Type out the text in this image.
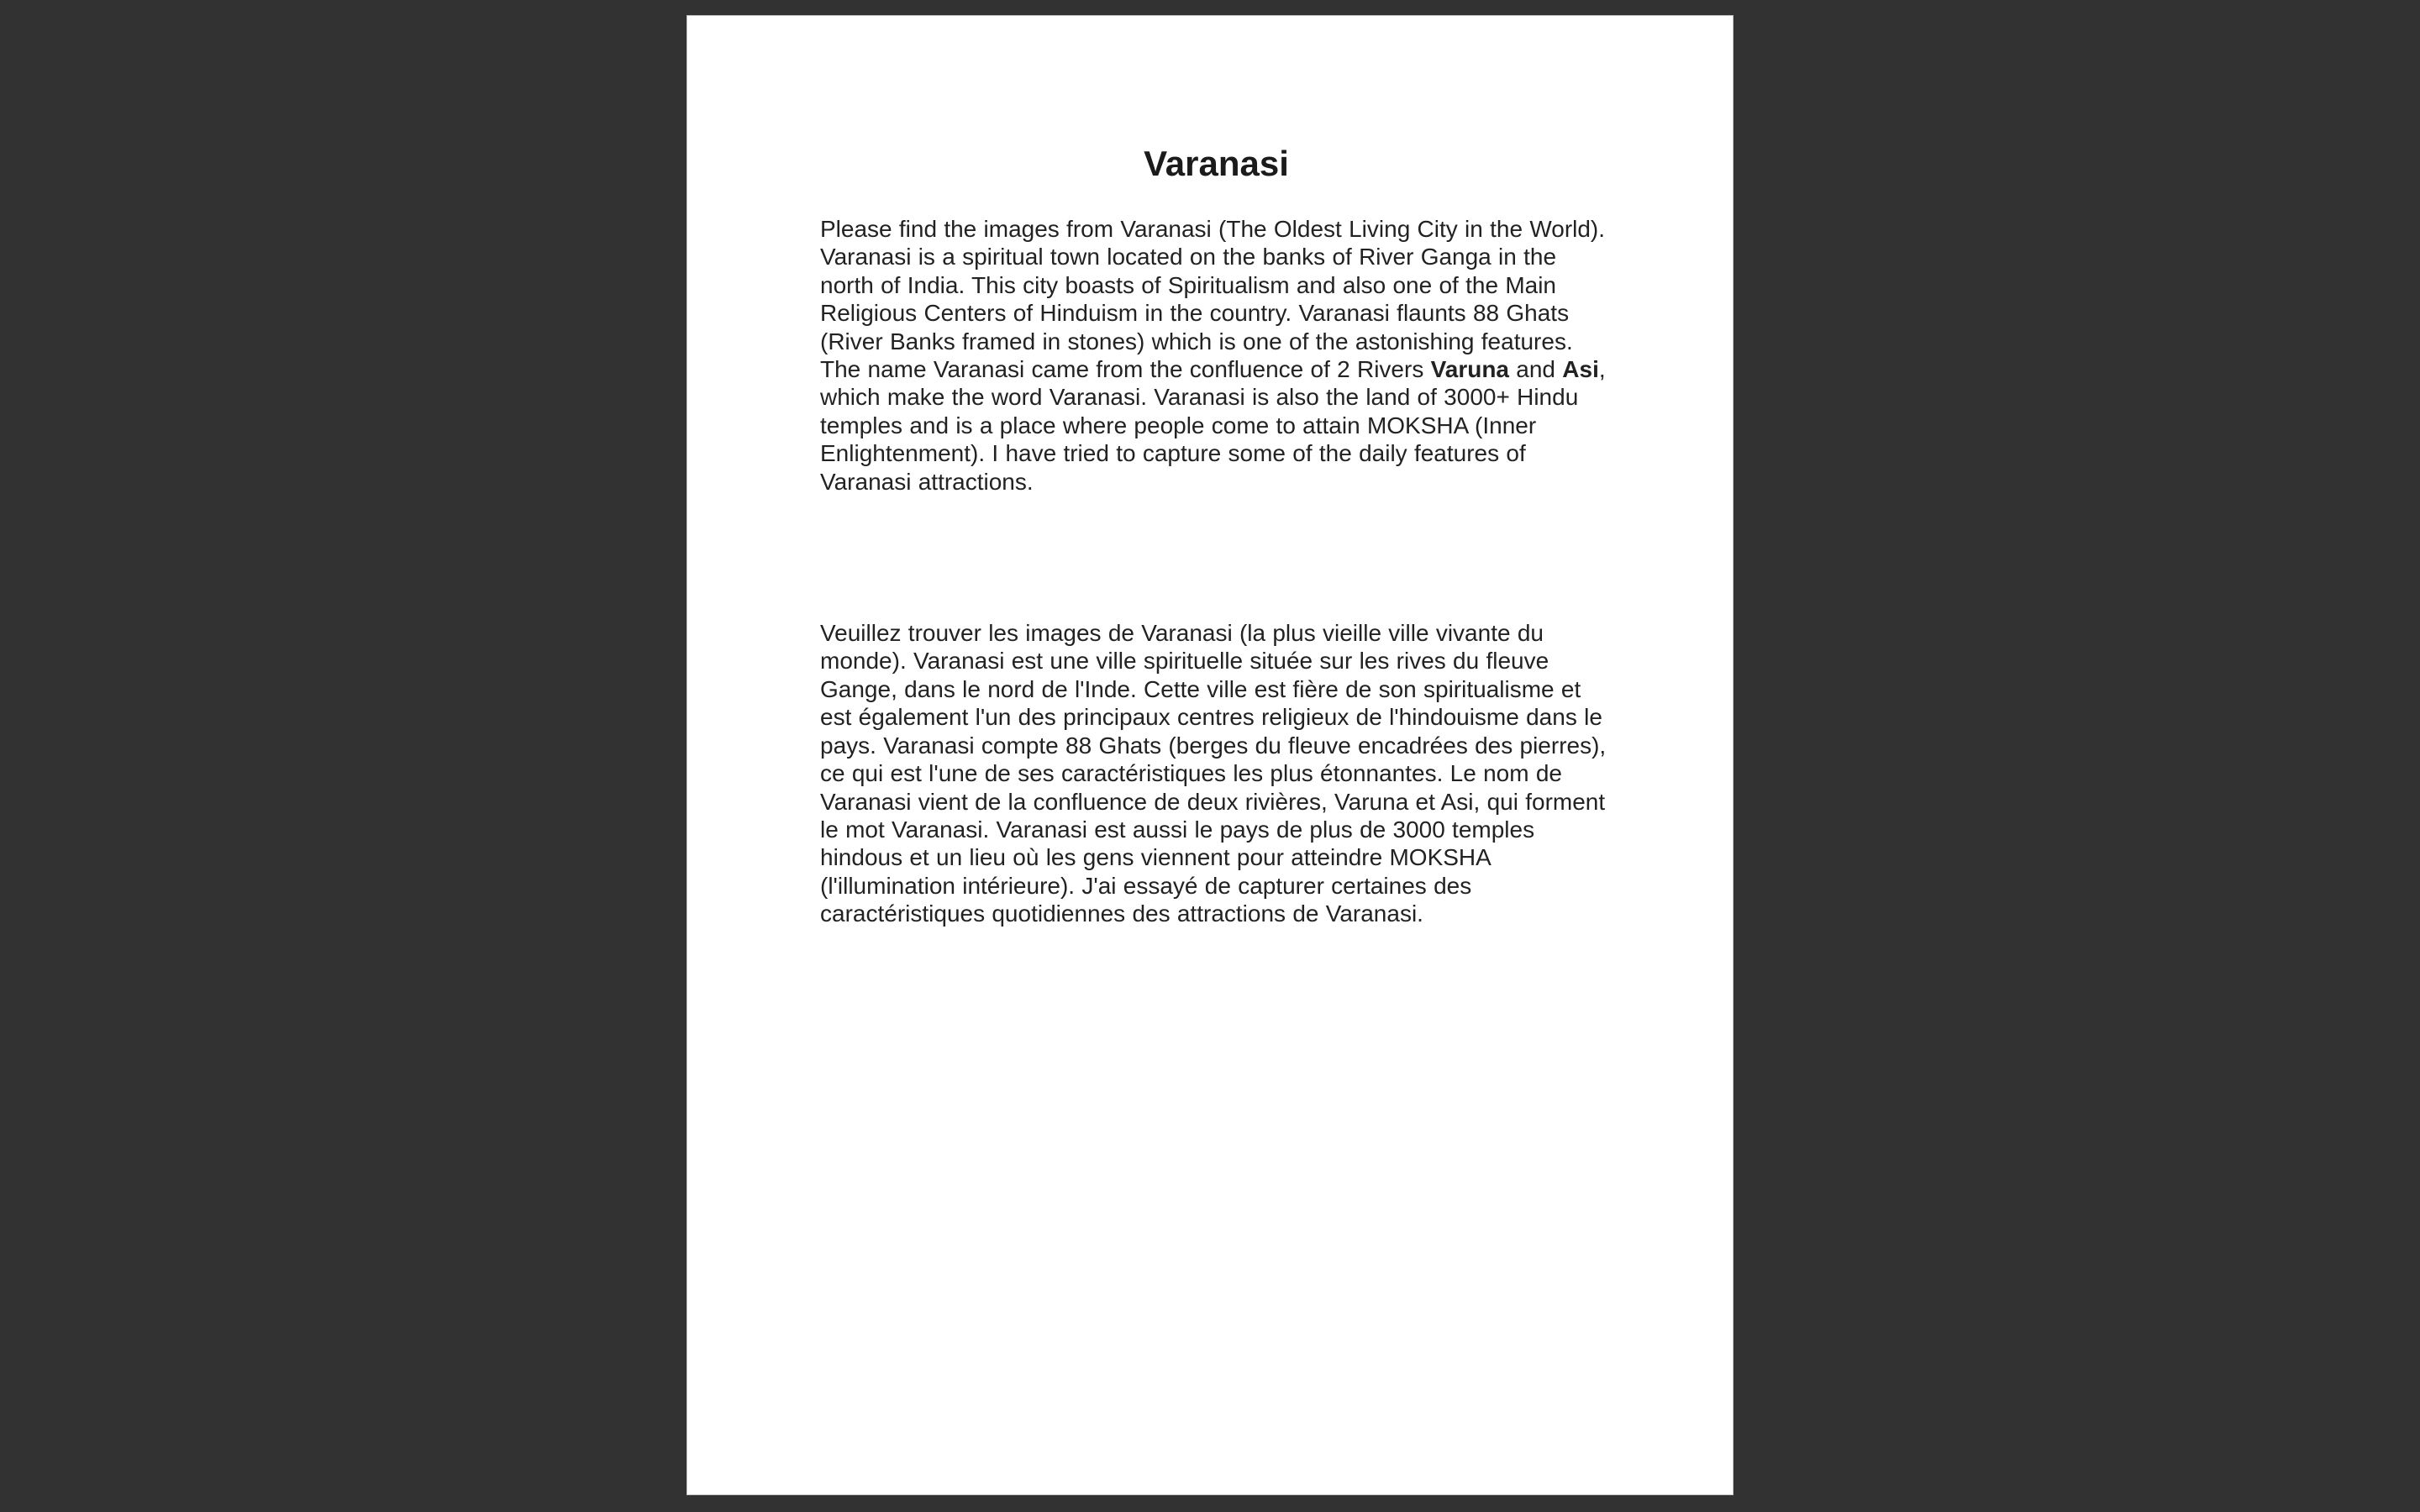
Varanasi

Please find the images from Varanasi (The Oldest Living City in the World). Varanasi is a spiritual town located on the banks of River Ganga in the north of India. This city boasts of Spiritualism and also one of the Main Religious Centers of Hinduism in the country. Varanasi flaunts 88 Ghats (River Banks framed in stones) which is one of the astonishing features. The name Varanasi came from the confluence of 2 Rivers Varuna and Asi, which make the word Varanasi. Varanasi is also the land of 3000+ Hindu temples and is a place where people come to attain MOKSHA (Inner Enlightenment). I have tried to capture some of the daily features of Varanasi attractions.

Veuillez trouver les images de Varanasi (la plus vieille ville vivante du monde). Varanasi est une ville spirituelle située sur les rives du fleuve Gange, dans le nord de l'Inde. Cette ville est fière de son spiritualisme et est également l'un des principaux centres religieux de l'hindouisme dans le pays. Varanasi compte 88 Ghats (berges du fleuve encadrées des pierres), ce qui est l'une de ses caractéristiques les plus étonnantes. Le nom de Varanasi vient de la confluence de deux rivières, Varuna et Asi, qui forment le mot Varanasi. Varanasi est aussi le pays de plus de 3000 temples hindous et un lieu où les gens viennent pour atteindre MOKSHA (l'illumination intérieure). J'ai essayé de capturer certaines des caractéristiques quotidiennes des attractions de Varanasi.
